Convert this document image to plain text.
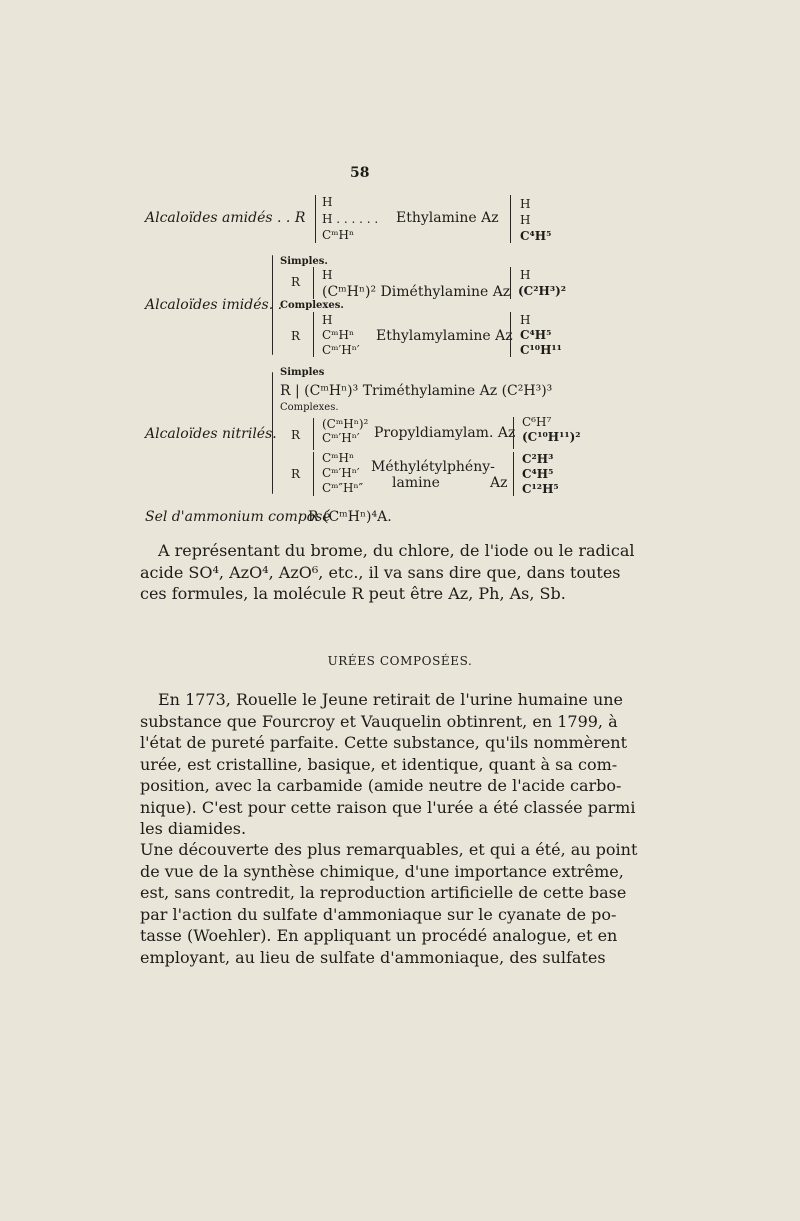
58
Alcaloïdes amidés . . R
H
H . . . . . .
CᵐHⁿ
Ethylamine Az
H
H
C⁴H⁵
Alcaloïdes imidés. .
Simples.
R H
(CᵐHⁿ)² Diméthylamine Az
H
(C²H³)²
Complexes.
R
H
CᵐHⁿ
Cᵐ′Hⁿ′
Ethylamylamine Az
H
C⁴H⁵
C¹⁰H¹¹
Alcaloïdes nitrilés.
Simples
R | (CᵐHⁿ)³ Triméthylamine Az (C²H³)³
Complexes.
R
(CᵐHⁿ)²
Cᵐ′Hⁿ′ Propyldiamylam. Az
C⁶H⁷
(C¹⁰H¹¹)²
R
CᵐHⁿ
Cᵐ′Hⁿ′
Cᵐ″Hⁿ″
Méthylétylphény-
lamine	Az
C²H³
C⁴H⁵
C¹²H⁵
Sel d'ammonium composé
R (CᵐHⁿ)⁴A.
A représentant du brome, du chlore, de l'iode ou le radical
acide SO⁴, AzO⁴, AzO⁶, etc., il va sans dire que, dans toutes
ces formules, la molécule R peut être Az, Ph, As, Sb.
URÉES COMPOSÉES.
En 1773, Rouelle le Jeune retirait de l'urine humaine une
substance que Fourcroy et Vauquelin obtinrent, en 1799, à
l'état de pureté parfaite. Cette substance, qu'ils nommèrent
urée, est cristalline, basique, et identique, quant à sa com-
position, avec la carbamide (amide neutre de l'acide carbo-
nique). C'est pour cette raison que l'urée a été classée parmi
les diamides.
Une découverte des plus remarquables, et qui a été, au point
de vue de la synthèse chimique, d'une importance extrême,
est, sans contredit, la reproduction artificielle de cette base
par l'action du sulfate d'ammoniaque sur le cyanate de po-
tasse (Woehler). En appliquant un procédé analogue, et en
employant, au lieu de sulfate d'ammoniaque, des sulfates
